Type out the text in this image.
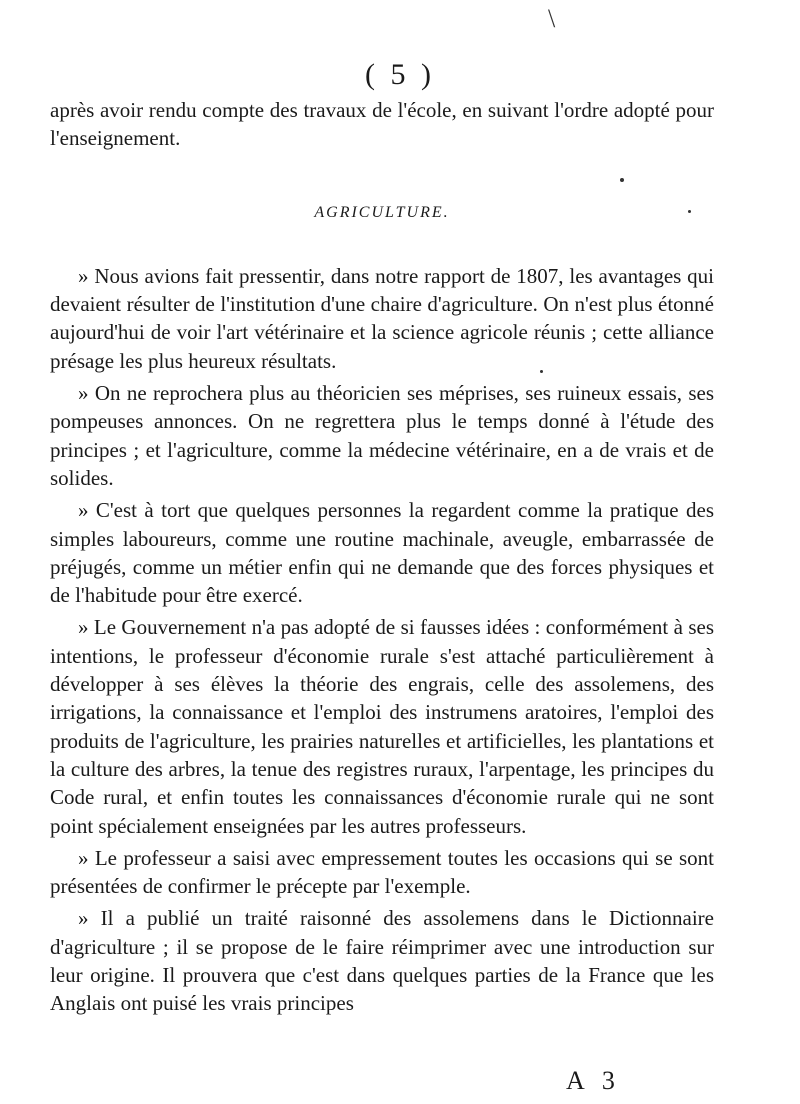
\
( 5 )

après avoir rendu compte des travaux de l'école, en suivant l'ordre adopté pour l'enseignement.

AGRICULTURE.

» Nous avions fait pressentir, dans notre rapport de 1807, les avantages qui devaient résulter de l'institution d'une chaire d'agriculture. On n'est plus étonné aujourd'hui de voir l'art vétérinaire et la science agricole réunis ; cette alliance présage les plus heureux résultats.

» On ne reprochera plus au théoricien ses méprises, ses ruineux essais, ses pompeuses annonces. On ne regrettera plus le temps donné à l'étude des principes ; et l'agriculture, comme la médecine vétérinaire, en a de vrais et de solides.

» C'est à tort que quelques personnes la regardent comme la pratique des simples laboureurs, comme une routine machinale, aveugle, embarrassée de préjugés, comme un métier enfin qui ne demande que des forces physiques et de l'habitude pour être exercé.

» Le Gouvernement n'a pas adopté de si fausses idées : conformément à ses intentions, le professeur d'économie rurale s'est attaché particulièrement à développer à ses élèves la théorie des engrais, celle des assolemens, des irrigations, la connaissance et l'emploi des instrumens aratoires, l'emploi des produits de l'agriculture, les prairies naturelles et artificielles, les plantations et la culture des arbres, la tenue des registres ruraux, l'arpentage, les principes du Code rural, et enfin toutes les connaissances d'économie rurale qui ne sont point spécialement enseignées par les autres professeurs.

» Le professeur a saisi avec empressement toutes les occasions qui se sont présentées de confirmer le précepte par l'exemple.

» Il a publié un traité raisonné des assolemens dans le Dictionnaire d'agriculture ; il se propose de le faire réimprimer avec une introduction sur leur origine. Il prouvera que c'est dans quelques parties de la France que les Anglais ont puisé les vrais principes

A 3
